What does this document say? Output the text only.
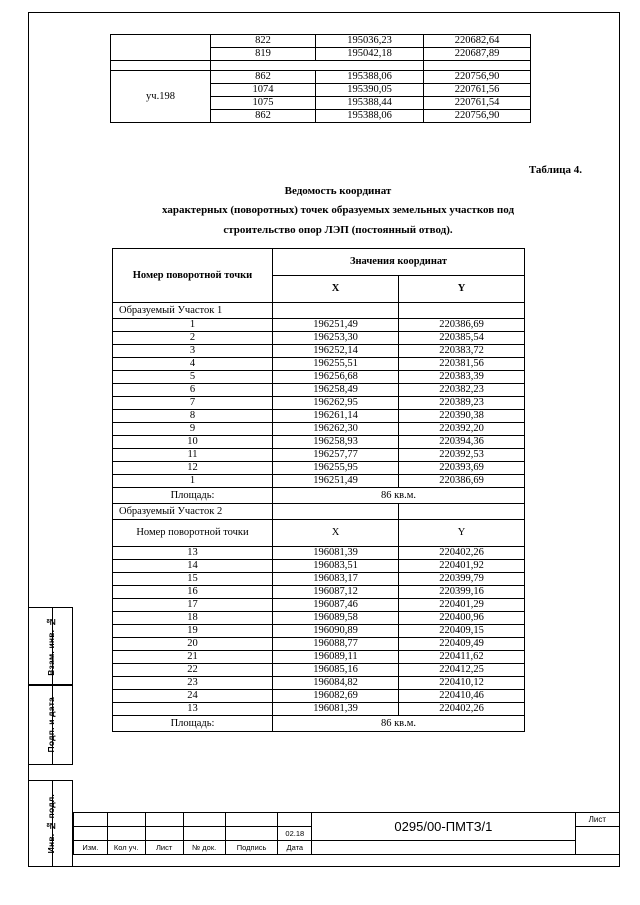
Взам. инв. №
Подп. и дата
Инв. № подл.
	822	195036,23	220682,64
	819	195042,18	220687,89

уч.198	862	195388,06	220756,90
	1074	195390,05	220761,56
	1075	195388,44	220761,54
	862	195388,06	220756,90
Таблица 4.
Ведомость координат
характерных (поворотных) точек образуемых земельных участков под
строительство опор ЛЭП (постоянный отвод).
Номер поворотной точки	Значения координат	
	X	Y
Образуемый Участок 1		
1	196251,49	220386,69
2	196253,30	220385,54
3	196252,14	220383,72
4	196255,51	220381,56
5	196256,68	220383,39
6	196258,49	220382,23
7	196262,95	220389,23
8	196261,14	220390,38
9	196262,30	220392,20
10	196258,93	220394,36
11	196257,77	220392,53
12	196255,95	220393,69
1	196251,49	220386,69
Площадь:	86 кв.м.	
Образуемый Участок 2		
Номер поворотной точки	X	Y
13	196081,39	220402,26
14	196083,51	220401,92
15	196083,17	220399,79
16	196087,12	220399,16
17	196087,46	220401,29
18	196089,58	220400,96
19	196090,89	220409,15
20	196088,77	220409,49
21	196089,11	220411,62
22	196085,16	220412,25
23	196084,82	220410,12
24	196082,69	220410,46
13	196081,39	220402,26
Площадь:	86 кв.м.	
						0295/00-ПМТЗ/1	Лист
					02.18		
Изм.	Кол уч.	Лист	№ док.	Подпись	Дата		
